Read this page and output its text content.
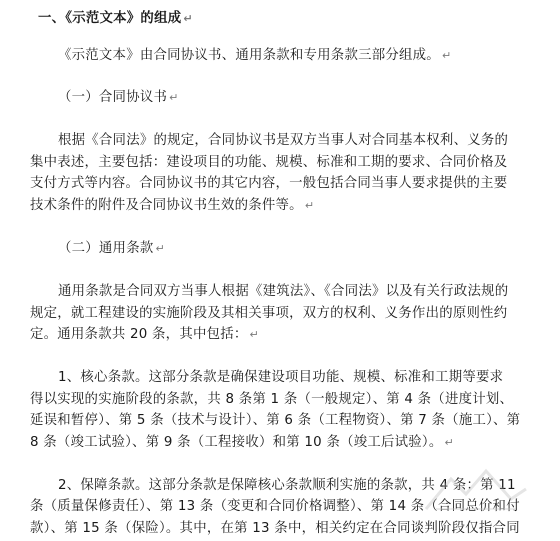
一、《示范文本》的组成 ↵
《示范文本》由合同协议书、通用条款和专用条款三部分组成。 ↵
（一）合同协议书 ↵
根据《合同法》的规定，合同协议书是双方当事人对合同基本权利、义务的
集中表述，主要包括：建设项目的功能、规模、标准和工期的要求、合同价格及
支付方式等内容。合同协议书的其它内容，一般包括合同当事人要求提供的主要
技术条件的附件及合同协议书生效的条件等。 ↵
（二）通用条款 ↵
通用条款是合同双方当事人根据《建筑法》、《合同法》以及有关行政法规的
规定，就工程建设的实施阶段及其相关事项，双方的权利、义务作出的原则性约
定。通用条款共 20 条，其中包括： ↵
1、核心条款。这部分条款是确保建设项目功能、规模、标准和工期等要求
得以实现的实施阶段的条款，共 8 条第 1 条（一般规定）、第 4 条（进度计划、
延误和暂停）、第 5 条（技术与设计）、第 6 条（工程物资）、第 7 条（施工）、第
8 条（竣工试验）、第 9 条（工程接收）和第 10 条（竣工后试验）。 ↵
2、保障条款。这部分条款是保障核心条款顺利实施的条款，共 4 条：第 11
条（质量保修责任）、第 13 条（变更和合同价格调整）、第 14 条（合同总价和付
款）、第 15 条（保险）。其中，在第 13 条中，相关约定在合同谈判阶段仅指合同
